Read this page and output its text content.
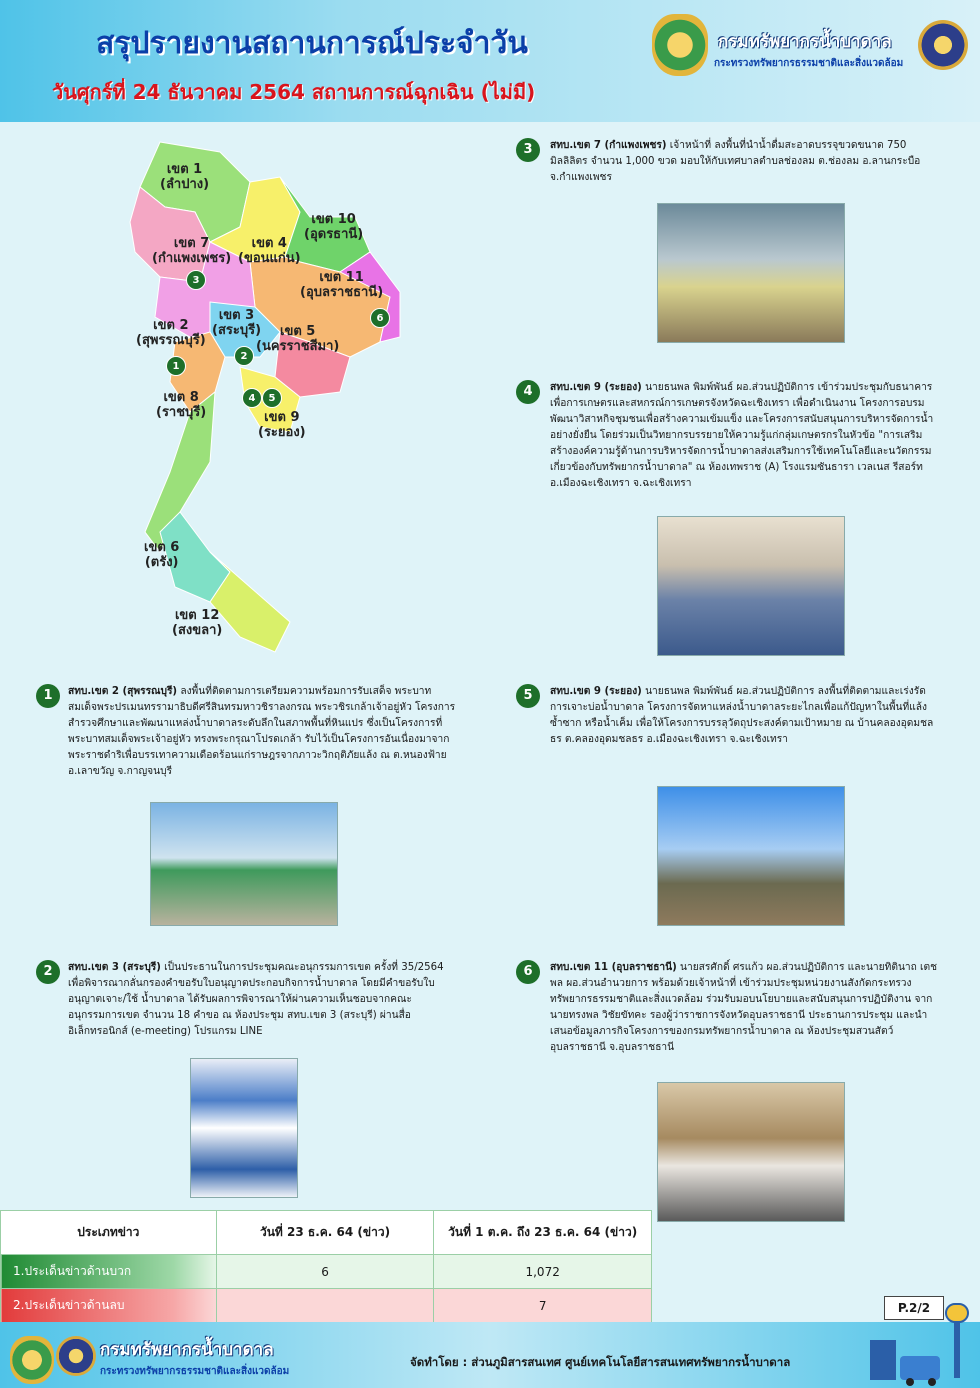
สรุปรายงานสถานการณ์ประจำวัน
วันศุกร์ที่ 24 ธันวาคม 2564 สถานการณ์ฉุกเฉิน (ไม่มี)
กรมทรัพยากรน้ำบาดาล
กระทรวงทรัพยากรธรรมชาติและสิ่งแวดล้อม
เขต 1
(ลำปาง)
เขต 7
(กำแพงเพชร)
เขต 4
(ขอนแก่น)
เขต 10
(อุดรธานี)
เขต 11
(อุบลราชธานี)
เขต 3
(สระบุรี)
เขต 2
(สุพรรณบุรี)
เขต 5
(นครราชสีมา)
เขต 8
(ราชบุรี)	เขต 9
(ระยอง)
เขต 6
(ตรัง)
เขต 12
(สงขลา)
3
6
2
1
4	5
3	สทบ.เขต 7 (กำแพงเพชร) เจ้าหน้าที่ ลงพื้นที่นำน้ำดื่มสะอาดบรรจุขวดขนาด 750 มิลลิลิตร จำนวน 1,000 ขวด มอบให้กับเทศบาลตำบลช่องลม ต.ช่องลม อ.ลานกระบือ จ.กำแพงเพชร
4	สทบ.เขต 9 (ระยอง) นายธนพล พิมพ์พันธ์ ผอ.ส่วนปฏิบัติการ เข้าร่วมประชุมกับธนาคารเพื่อการเกษตรและสหกรณ์การเกษตรจังหวัดฉะเชิงเทรา เพื่อดำเนินงาน โครงการอบรมพัฒนาวิสาหกิจชุมชนเพื่อสร้างความเข้มแข็ง และโครงการสนับสนุนการบริหารจัดการน้ำอย่างยั่งยืน โดยร่วมเป็นวิทยากรบรรยายให้ความรู้แก่กลุ่มเกษตรกรในหัวข้อ "การเสริมสร้างองค์ความรู้ด้านการบริหารจัดการน้ำบาดาลส่งเสริมการใช้เทคโนโลยีและนวัตกรรมเกี่ยวข้องกับทรัพยากรน้ำบาดาล" ณ ห้องเทพราช (A) โรงแรมซันธารา เวลเนส รีสอร์ท อ.เมืองฉะเชิงเทรา จ.ฉะเชิงเทรา
1	สทบ.เขต 2 (สุพรรณบุรี) ลงพื้นที่ติดตามการเตรียมความพร้อมการรับเสด็จ พระบาทสมเด็จพระปรเมนทรรามาธิบดีศรีสินทรมหาวชิราลงกรณ พระวชิรเกล้าเจ้าอยู่หัว โครงการสำรวจศึกษาและพัฒนาแหล่งน้ำบาดาลระดับลึกในสภาพพื้นที่หินแปร ซึ่งเป็นโครงการที่พระบาทสมเด็จพระเจ้าอยู่หัว ทรงพระกรุณาโปรดเกล้า รับไว้เป็นโครงการอันเนื่องมาจากพระราชดำริเพื่อบรรเทาความเดือดร้อนแก่ราษฎรจากภาวะวิกฤติภัยแล้ง ณ ต.หนองฟ้าย อ.เลาขวัญ จ.กาญจนบุรี
5	สทบ.เขต 9 (ระยอง) นายธนพล พิมพ์พันธ์ ผอ.ส่วนปฏิบัติการ ลงพื้นที่ติดตามและเร่งรัดการเจาะบ่อน้ำบาดาล โครงการจัดหาแหล่งน้ำบาดาลระยะไกลเพื่อแก้ปัญหาในพื้นที่แล้งซ้ำซาก หรือน้ำเค็ม เพื่อให้โครงการบรรลุวัตถุประสงค์ตามเป้าหมาย ณ บ้านคลองอุดมชลธร ต.คลองอุดมชลธร อ.เมืองฉะเชิงเทรา จ.ฉะเชิงเทรา
2	สทบ.เขต 3 (สระบุรี) เป็นประธานในการประชุมคณะอนุกรรมการเขต ครั้งที่ 35/2564 เพื่อพิจารณากลั่นกรองคำขอรับใบอนุญาตประกอบกิจการน้ำบาดาล โดยมีคำขอรับใบอนุญาตเจาะ/ใช้ น้ำบาดาล ได้รับผลการพิจารณาให้ผ่านความเห็นชอบจากคณะอนุกรรมการเขต จำนวน 18 คำขอ ณ ห้องประชุม สทบ.เขต 3 (สระบุรี) ผ่านสื่ออิเล็กทรอนิกส์ (e-meeting) โปรแกรม LINE
6	สทบ.เขต 11 (อุบลราชธานี) นายสรศักดิ์ ศรแก้ว ผอ.ส่วนปฏิบัติการ และนายทิตินาถ เตชพล ผอ.ส่วนอำนวยการ พร้อมด้วยเจ้าหน้าที่ เข้าร่วมประชุมหน่วยงานสังกัดกระทรวงทรัพยากรธรรมชาติและสิ่งแวดล้อม ร่วมรับมอบนโยบายและสนับสนุนการปฏิบัติงาน จาก นายทรงพล วิชัยขัทคะ รองผู้ว่าราชการจังหวัดอุบลราชธานี ประธานการประชุม และนำเสนอข้อมูลภารกิจโครงการของกรมทรัพยากรน้ำบาดาล ณ ห้องประชุมสวนสัตว์อุบลราชธานี จ.อุบลราชธานี
ประเภทข่าว	วันที่ 23 ธ.ค. 64 (ข่าว)	วันที่ 1 ต.ค. ถึง 23 ธ.ค. 64 (ข่าว)
1.ประเด็นข่าวด้านบวก	6	1,072
2.ประเด็นข่าวด้านลบ		7	P.2/2
กรมทรัพยากรน้ำบาดาล
กระทรวงทรัพยากรธรรมชาติและสิ่งแวดล้อม
จัดทำโดย : ส่วนภูมิสารสนเทศ ศูนย์เทคโนโลยีสารสนเทศทรัพยากรน้ำบาดาล
